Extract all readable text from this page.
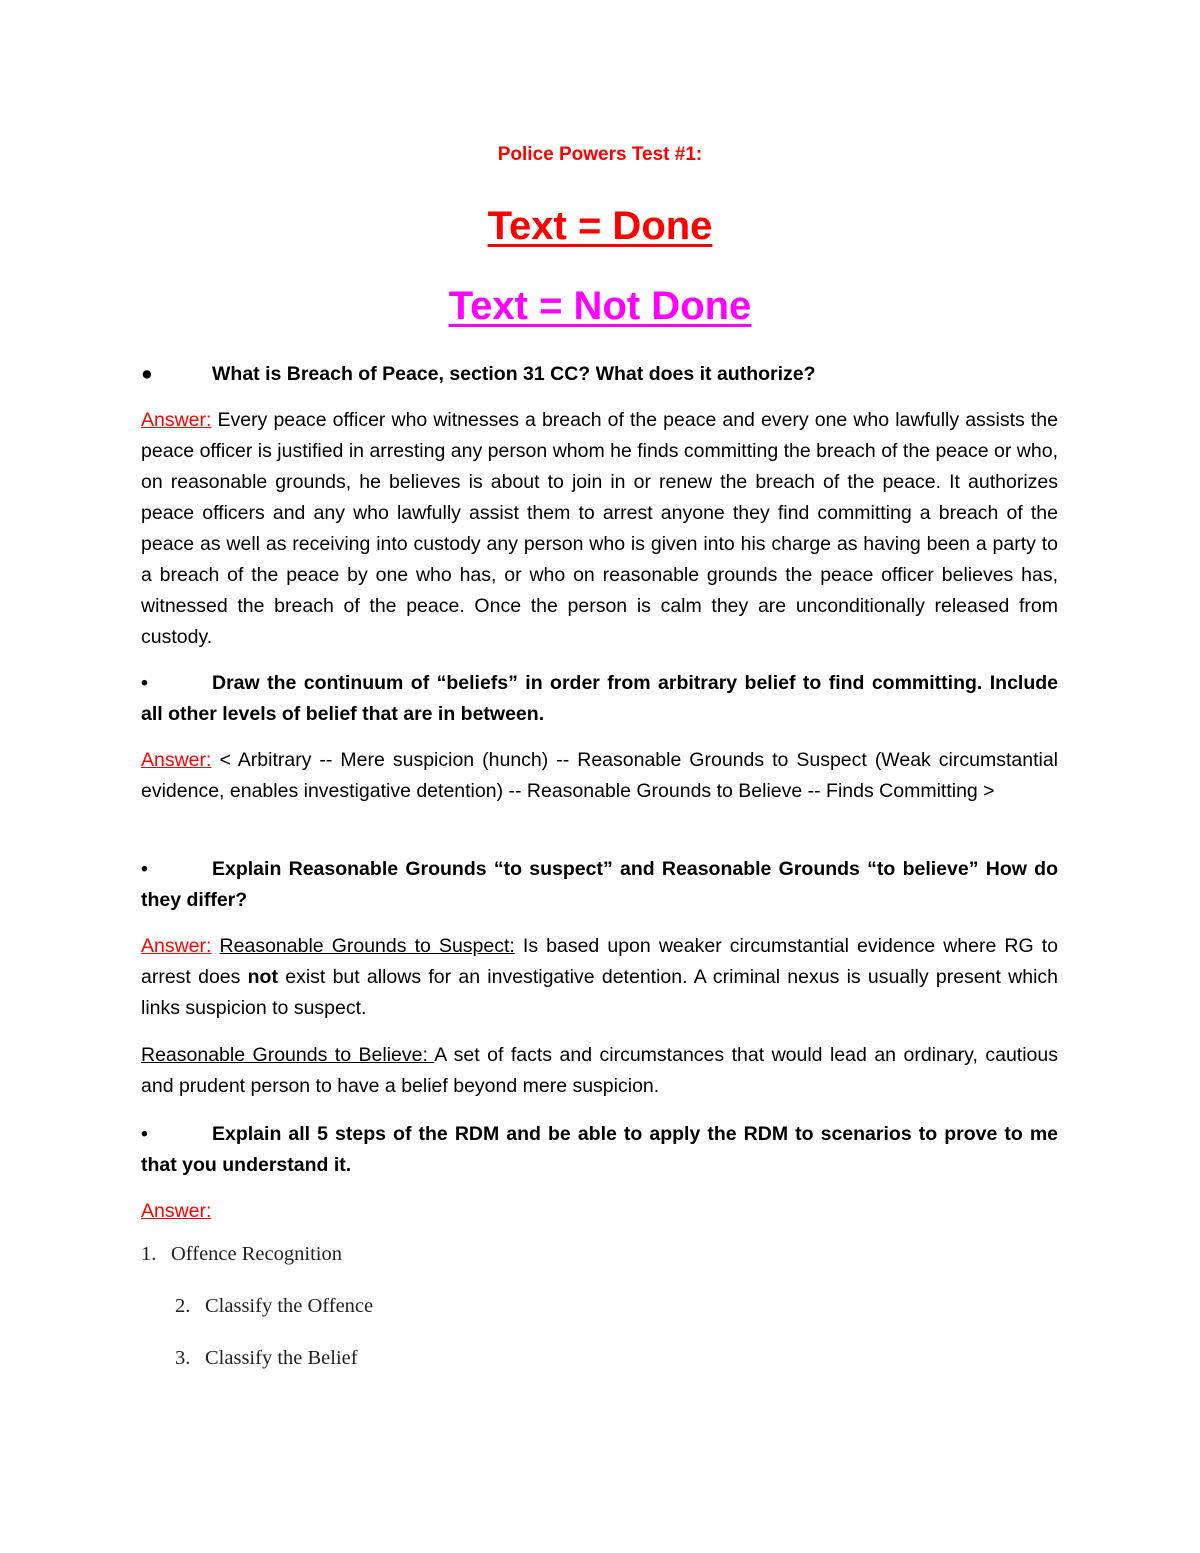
Police Powers Test #1:
Text = Done
Text = Not Done
●	What is Breach of Peace, section 31 CC? What does it authorize?
Answer: Every peace officer who witnesses a breach of the peace and every one who lawfully assists the peace officer is justified in arresting any person whom he finds committing the breach of the peace or who, on reasonable grounds, he believes is about to join in or renew the breach of the peace. It authorizes peace officers and any who lawfully assist them to arrest anyone they find committing a breach of the peace as well as receiving into custody any person who is given into his charge as having been a party to a breach of the peace by one who has, or who on reasonable grounds the peace officer believes has, witnessed the breach of the peace. Once the person is calm they are unconditionally released from custody.
•	Draw the continuum of “beliefs” in order from arbitrary belief to find committing. Include all other levels of belief that are in between.
Answer: < Arbitrary -- Mere suspicion (hunch) -- Reasonable Grounds to Suspect (Weak circumstantial evidence, enables investigative detention) -- Reasonable Grounds to Believe -- Finds Committing >
•	Explain Reasonable Grounds “to suspect” and Reasonable Grounds “to believe” How do they differ?
Answer: Reasonable Grounds to Suspect: Is based upon weaker circumstantial evidence where RG to arrest does not exist but allows for an investigative detention. A criminal nexus is usually present which links suspicion to suspect.
Reasonable Grounds to Believe: A set of facts and circumstances that would lead an ordinary, cautious and prudent person to have a belief beyond mere suspicion.
•	Explain all 5 steps of the RDM and be able to apply the RDM to scenarios to prove to me that you understand it.
Answer:
1. Offence Recognition
2. Classify the Offence
3. Classify the Belief
